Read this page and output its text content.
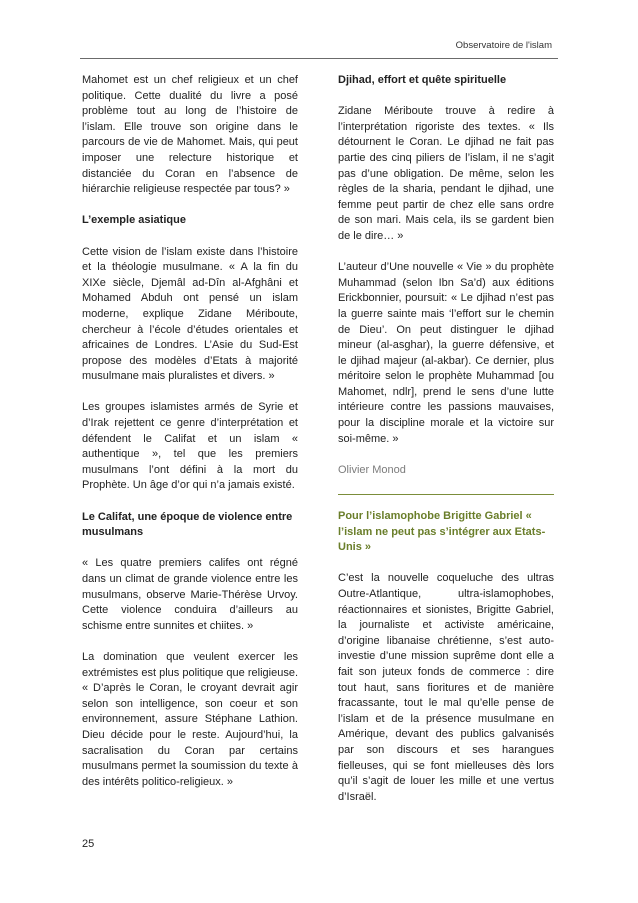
Observatoire de l'islam

Mahomet est un chef religieux et un chef politique. Cette dualité du livre a posé problème tout au long de l’histoire de l’islam. Elle trouve son origine dans le parcours de vie de Mahomet. Mais, qui peut imposer une relecture historique et distanciée du Coran en l’absence de hiérarchie religieuse respectée par tous? »

L’exemple asiatique

Cette vision de l’islam existe dans l’histoire et la théologie musulmane. « A la fin du XIXe siècle, Djemâl ad-Dîn al-Afghâni et Mohamed Abduh ont pensé un islam moderne, explique Zidane Mériboute, chercheur à l’école d’études orientales et africaines de Londres. L’Asie du Sud-Est propose des modèles d’Etats à majorité musulmane mais pluralistes et divers. »

Les groupes islamistes armés de Syrie et d’Irak rejettent ce genre d’interprétation et défendent le Califat et un islam « authentique », tel que les premiers musulmans l’ont défini à la mort du Prophète. Un âge d’or qui n’a jamais existé.

Le Califat, une époque de violence entre musulmans

« Les quatre premiers califes ont régné dans un climat de grande violence entre les musulmans, observe Marie-Thérèse Urvoy. Cette violence conduira d’ailleurs au schisme entre sunnites et chiites. »

La domination que veulent exercer les extrémistes est plus politique que religieuse. « D’après le Coran, le croyant devrait agir selon son intelligence, son coeur et son environnement, assure Stéphane Lathion. Dieu décide pour le reste. Aujourd’hui, la sacralisation du Coran par certains musulmans permet la soumission du texte à des intérêts politico-religieux. »

Djihad, effort et quête spirituelle

Zidane Mériboute trouve à redire à l’interprétation rigoriste des textes. « Ils détournent le Coran. Le djihad ne fait pas partie des cinq piliers de l’islam, il ne s’agit pas d’une obligation. De même, selon les règles de la sharia, pendant le djihad, une femme peut partir de chez elle sans ordre de son mari. Mais cela, ils se gardent bien de le dire… »

L’auteur d’Une nouvelle « Vie » du prophète Muhammad (selon Ibn Sa’d) aux éditions Erickbonnier, poursuit: « Le djihad n’est pas la guerre sainte mais ‘l’effort sur le chemin de Dieu’. On peut distinguer le djihad mineur (al-asghar), la guerre défensive, et le djihad majeur (al-akbar). Ce dernier, plus méritoire selon le prophète Muhammad [ou Mahomet, ndlr], prend le sens d’une lutte intérieure contre les passions mauvaises, pour la discipline morale et la victoire sur soi-même. »

Olivier Monod

Pour l’islamophobe Brigitte Gabriel « l’islam ne peut pas s’intégrer aux Etats-Unis »

C’est la nouvelle coqueluche des ultras Outre-Atlantique, ultra-islamophobes, réactionnaires et sionistes, Brigitte Gabriel, la journaliste et activiste américaine, d’origine libanaise chrétienne, s’est auto-investie d’une mission suprême dont elle a fait son juteux fonds de commerce : dire tout haut, sans fioritures et de manière fracassante, tout le mal qu’elle pense de l’islam et de la présence musulmane en Amérique, devant des publics galvanisés par son discours et ses harangues fielleuses, qui se font mielleuses dès lors qu’il s’agit de louer les mille et une vertus d’Israël.

25
